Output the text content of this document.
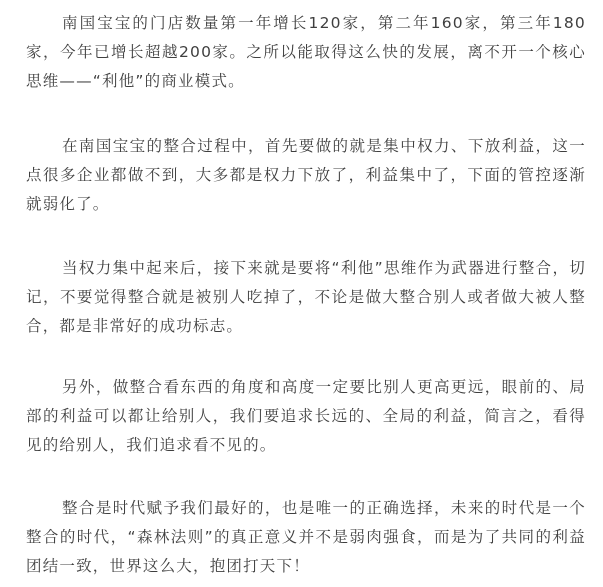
南国宝宝的门店数量第一年增长120家，第二年160家，第三年180家，今年已增长超越200家。之所以能取得这么快的发展，离不开一个核心思维——“利他”的商业模式。

在南国宝宝的整合过程中，首先要做的就是集中权力、下放利益，这一点很多企业都做不到，大多都是权力下放了，利益集中了，下面的管控逐渐就弱化了。

当权力集中起来后，接下来就是要将“利他”思维作为武器进行整合，切记，不要觉得整合就是被别人吃掉了，不论是做大整合别人或者做大被人整合，都是非常好的成功标志。

另外，做整合看东西的角度和高度一定要比别人更高更远，眼前的、局部的利益可以都让给别人，我们要追求长远的、全局的利益，简言之，看得见的给别人，我们追求看不见的。

整合是时代赋予我们最好的，也是唯一的正确选择，未来的时代是一个整合的时代，“森林法则”的真正意义并不是弱肉强食，而是为了共同的利益团结一致，世界这么大，抱团打天下！
